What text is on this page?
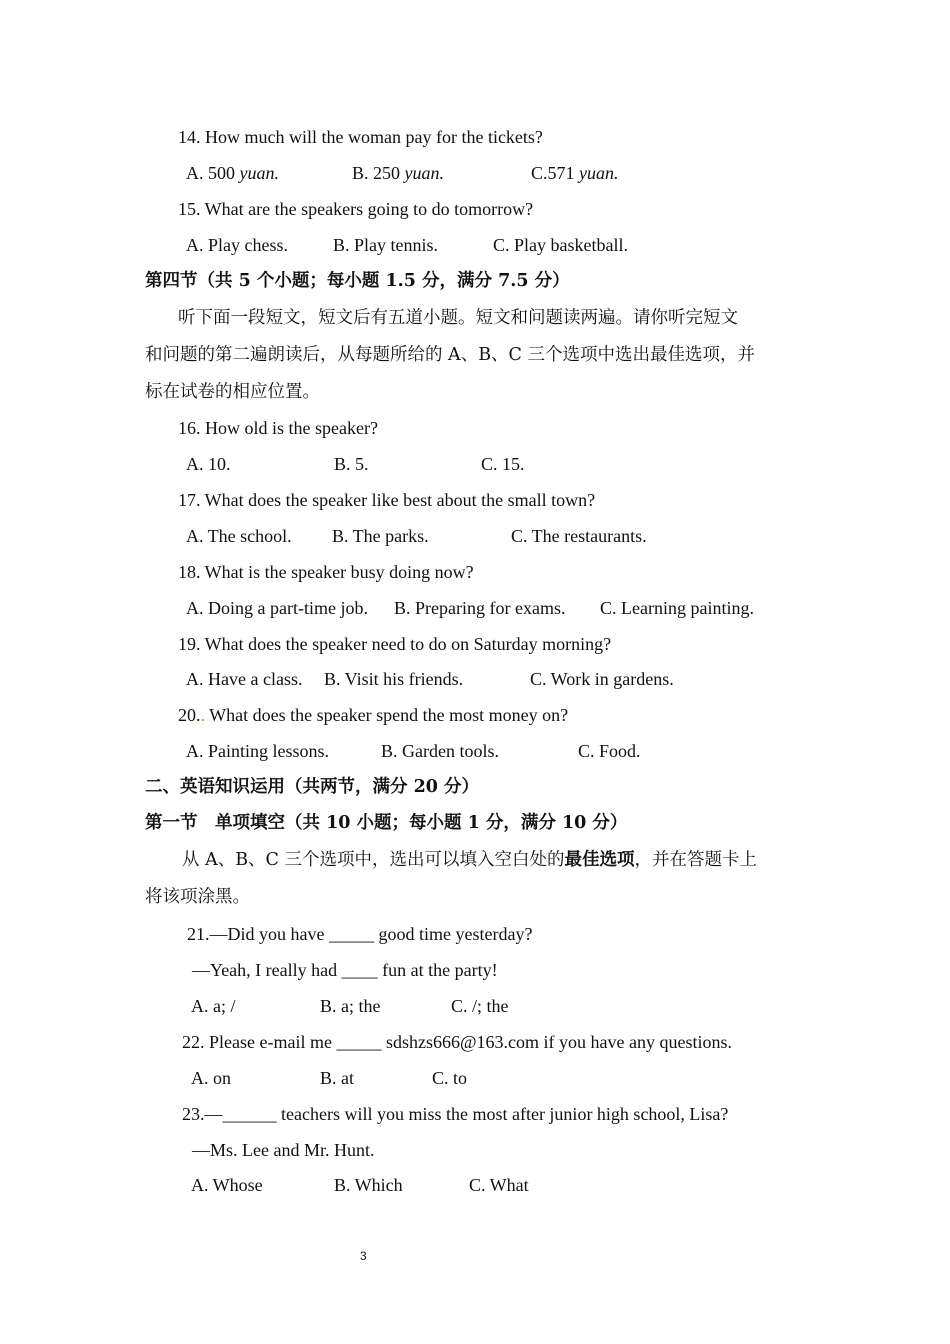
14. How much will the woman pay for the tickets?
A. 500 yuan.	B. 250 yuan.	C.571 yuan.
15. What are the speakers going to do tomorrow?
A. Play chess.	B. Play tennis.	C. Play basketball.
第四节（共 5 个小题；每小题 1.5 分，满分 7.5 分）
听下面一段短文，短文后有五道小题。短文和问题读两遍。请你听完短文
和问题的第二遍朗读后，从每题所给的 A、B、C 三个选项中选出最佳选项，并
标在试卷的相应位置。
16. How old is the speaker?
A. 10.	B. 5.	C. 15.
17. What does the speaker like best about the small town?
A. The school. B. The parks.	C. The restaurants.
18. What is the speaker busy doing now?
A. Doing a part-time job. B. Preparing for exams. C. Learning painting.
19. What does the speaker need to do on Saturday morning?
A. Have a class. B. Visit his friends.	C. Work in gardens.
20.. What does the speaker spend the most money on?
A. Painting lessons.	B. Garden tools.	C. Food.
二、英语知识运用（共两节，满分 20 分）
第一节　单项填空（共 10 小题；每小题 1 分，满分 10 分）
从 A、B、C 三个选项中，选出可以填入空白处的最佳选项，并在答题卡上
将该项涂黑。
21.—Did you have _____ good time yesterday?
—Yeah, I really had ____ fun at the party!
A. a; /	B. a; the	C. /; the
22. Please e-mail me _____ sdshzs666@163.com if you have any questions.
A. on	B. at	C. to
23.—______ teachers will you miss the most after junior high school, Lisa?
—Ms. Lee and Mr. Hunt.
A. Whose	B. Which	C. What
3
